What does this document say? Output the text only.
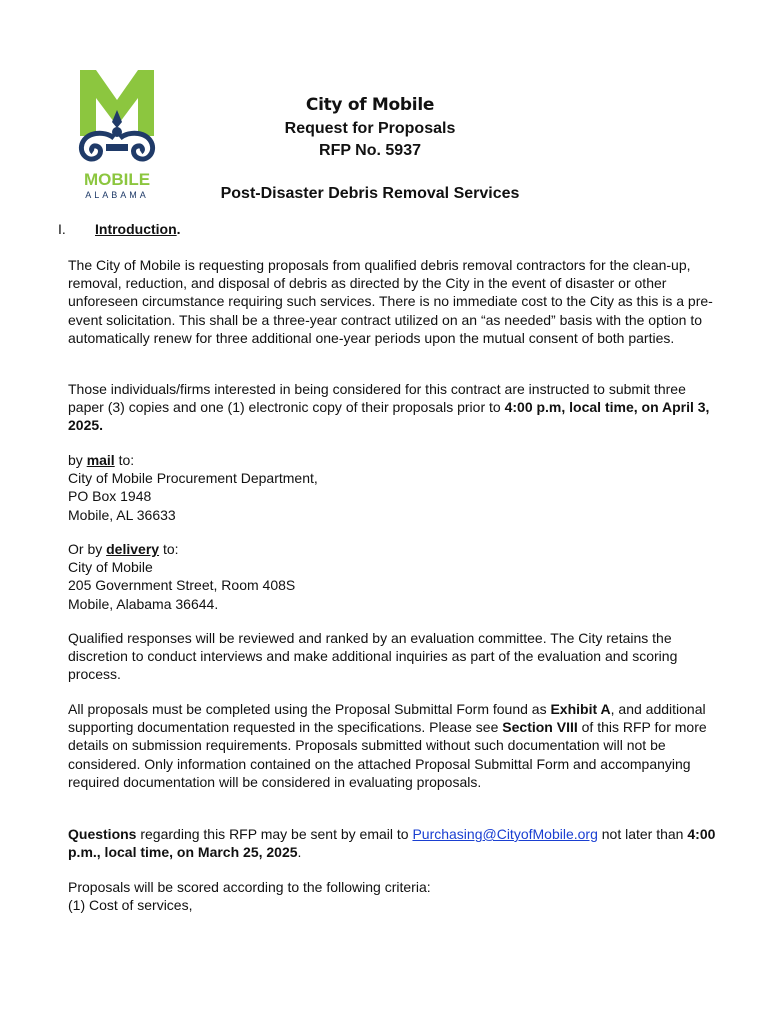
MOBILE
ALABAMA
City of Mobile
Request for Proposals
RFP No. 5937
Post-Disaster Debris Removal Services
I. Introduction.

The City of Mobile is requesting proposals from qualified debris removal contractors for the clean-up, removal, reduction, and disposal of debris as directed by the City in the event of disaster or other unforeseen circumstance requiring such services. There is no immediate cost to the City as this is a pre-event solicitation. This shall be a three-year contract utilized on an “as needed” basis with the option to automatically renew for three additional one-year periods upon the mutual consent of both parties.

Those individuals/firms interested in being considered for this contract are instructed to submit three paper (3) copies and one (1) electronic copy of their proposals prior to 4:00 p.m, local time, on April 3, 2025.

by mail to:
City of Mobile Procurement Department,
PO Box 1948
Mobile, AL 36633

Or by delivery to:
City of Mobile
205 Government Street, Room 408S
Mobile, Alabama 36644.

Qualified responses will be reviewed and ranked by an evaluation committee. The City retains the discretion to conduct interviews and make additional inquiries as part of the evaluation and scoring process.

All proposals must be completed using the Proposal Submittal Form found as Exhibit A, and additional supporting documentation requested in the specifications. Please see Section VIII of this RFP for more details on submission requirements. Proposals submitted without such documentation will not be considered. Only information contained on the attached Proposal Submittal Form and accompanying required documentation will be considered in evaluating proposals.

Questions regarding this RFP may be sent by email to Purchasing@CityofMobile.org not later than 4:00 p.m., local time, on March 25, 2025.

Proposals will be scored according to the following criteria:
(1) Cost of services,
